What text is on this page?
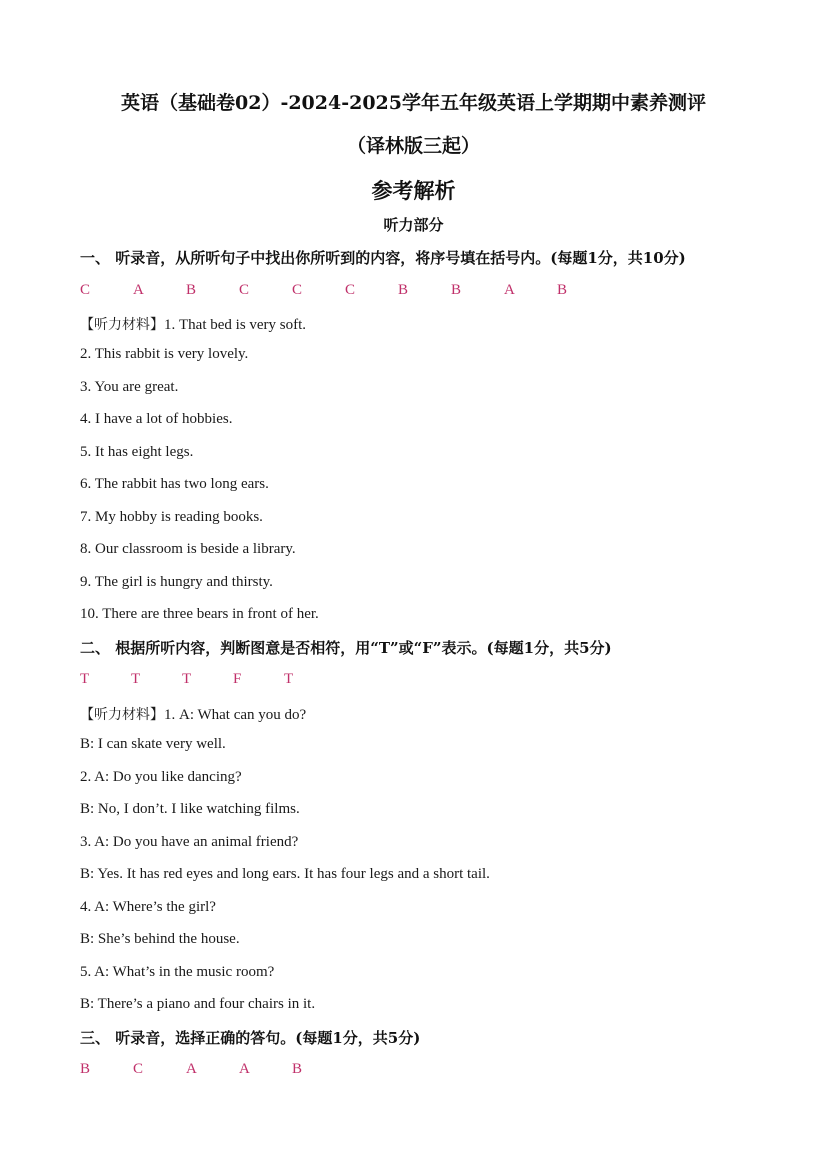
英语（基础卷02）-2024-2025学年五年级英语上学期期中素养测评
（译林版三起）
参考解析
听力部分
一、 听录音，从所听句子中找出你所听到的内容，将序号填在括号内。(每题1分，共10分)
C	A	B	C	C	C	B	B	A	B
【听力材料】1. That bed is very soft.
2. This rabbit is very lovely.
3. You are great.
4. I have a lot of hobbies.
5. It has eight legs.
6. The rabbit has two long ears.
7. My hobby is reading books.
8. Our classroom is beside a library.
9. The girl is hungry and thirsty.
10. There are three bears in front of her.
二、 根据所听内容，判断图意是否相符，用“T”或“F”表示。(每题1分，共5分)
T	T	T	F	T
【听力材料】1. A: What can you do?
B: I can skate very well.
2. A: Do you like dancing?
B: No, I don’t. I like watching films.
3. A: Do you have an animal friend?
B: Yes. It has red eyes and long ears. It has four legs and a short tail.
4. A: Where’s the girl?
B: She’s behind the house.
5. A: What’s in the music room?
B: There’s a piano and four chairs in it.
三、 听录音，选择正确的答句。(每题1分，共5分)
B	C	A	A	B
